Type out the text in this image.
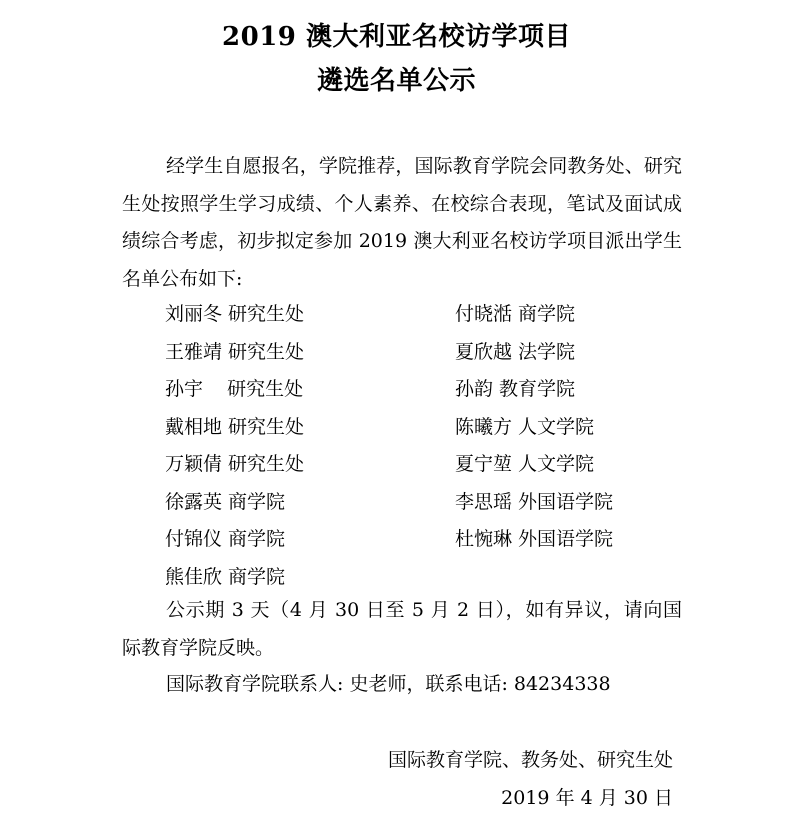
2019 澳大利亚名校访学项目
遴选名单公示
经学生自愿报名，学院推荐，国际教育学院会同教务处、研究生处按照学生学习成绩、个人素养、在校综合表现，笔试及面试成绩综合考虑，初步拟定参加 2019 澳大利亚名校访学项目派出学生名单公布如下:
刘丽冬 研究生处	付晓湉 商学院
王雅靖 研究生处	夏欣越 法学院
孙宇    研究生处	孙韵 教育学院
戴相地 研究生处	陈曦方 人文学院
万颖倩 研究生处	夏宁堃 人文学院
徐露英 商学院	李思瑶 外国语学院
付锦仪 商学院	杜惋琳 外国语学院
熊佳欣 商学院
公示期 3 天（4 月 30 日至 5 月 2 日），如有异议，请向国际教育学院反映。
国际教育学院联系人: 史老师，联系电话: 84234338
国际教育学院、教务处、研究生处
2019 年 4 月 30 日
